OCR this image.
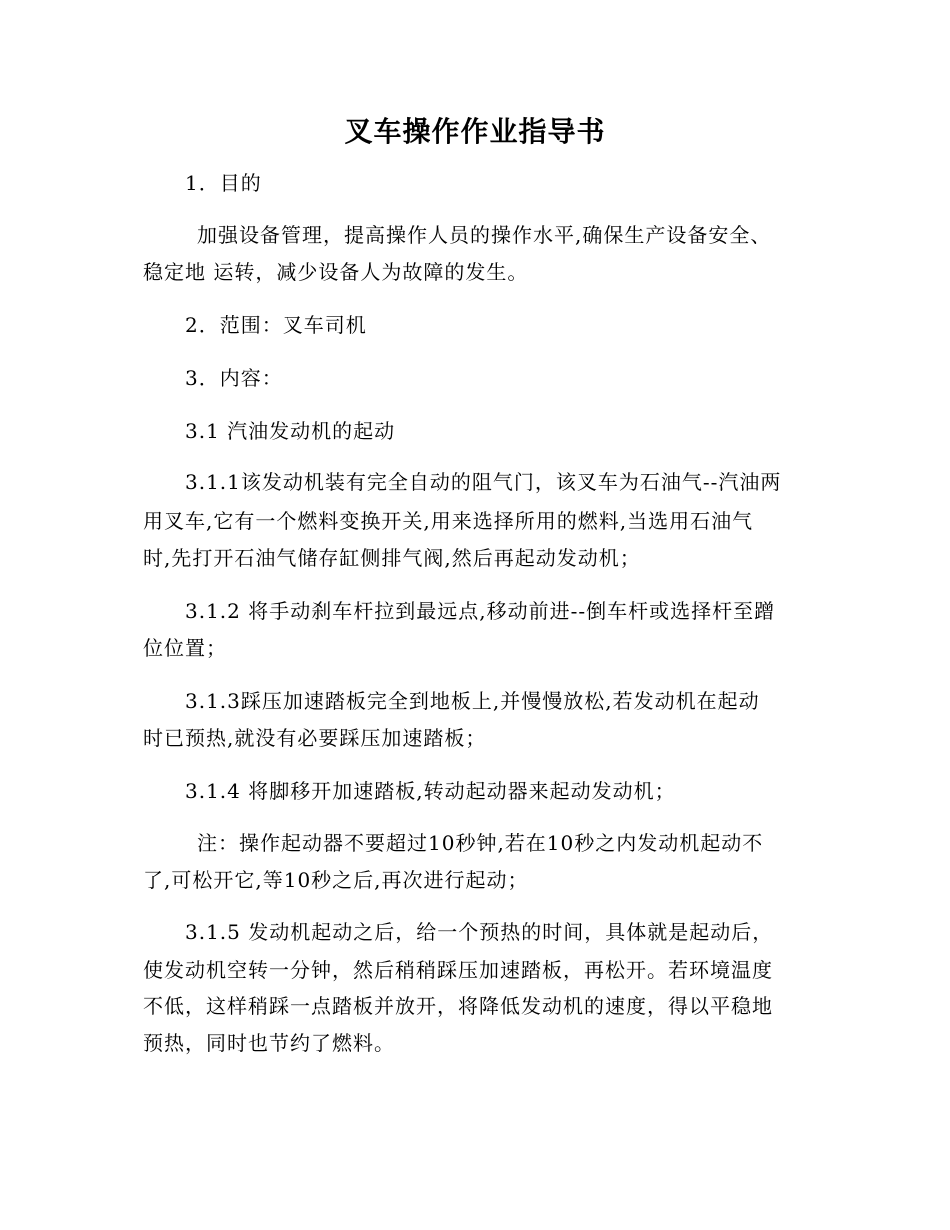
叉车操作作业指导书
1．目的
加强设备管理，提高操作人员的操作水平,确保生产设备安全、
稳定地 运转，减少设备人为故障的发生。
2．范围：叉车司机
3．内容：
3.1 汽油发动机的起动
3.1.1该发动机装有完全自动的阻气门，该叉车为石油气--汽油两
用叉车,它有一个燃料变换开关,用来选择所用的燃料,当选用石油气
时,先打开石油气储存缸侧排气阀,然后再起动发动机；
3.1.2 将手动刹车杆拉到最远点,移动前进--倒车杆或选择杆至蹭
位位置；
3.1.3踩压加速踏板完全到地板上,并慢慢放松,若发动机在起动
时已预热,就没有必要踩压加速踏板；
3.1.4 将脚移开加速踏板,转动起动器来起动发动机；
注：操作起动器不要超过10秒钟,若在10秒之内发动机起动不
了,可松开它,等10秒之后,再次进行起动；
3.1.5 发动机起动之后，给一个预热的时间，具体就是起动后，
使发动机空转一分钟，然后稍稍踩压加速踏板，再松开。若环境温度
不低，这样稍踩一点踏板并放开，将降低发动机的速度，得以平稳地
预热，同时也节约了燃料。
